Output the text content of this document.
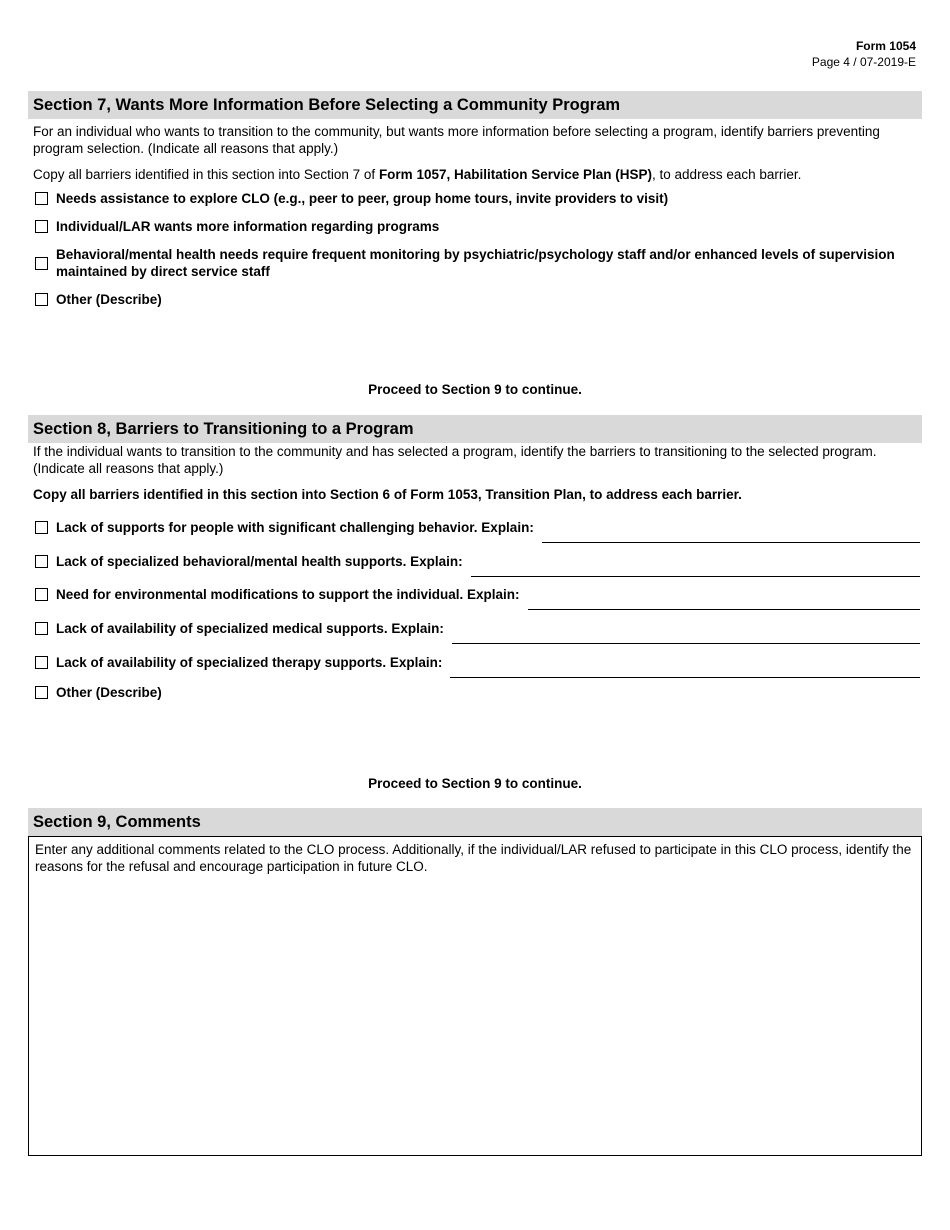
Form 1054
Page 4 / 07-2019-E
Section 7, Wants More Information Before Selecting a Community Program
For an individual who wants to transition to the community, but wants more information before selecting a program, identify barriers preventing program selection. (Indicate all reasons that apply.)
Copy all barriers identified in this section into Section 7 of Form 1057, Habilitation Service Plan (HSP), to address each barrier.
Needs assistance to explore CLO (e.g., peer to peer, group home tours, invite providers to visit)
Individual/LAR wants more information regarding programs
Behavioral/mental health needs require frequent monitoring by psychiatric/psychology staff and/or enhanced levels of supervision maintained by direct service staff
Other (Describe)
Proceed to Section 9 to continue.
Section 8, Barriers to Transitioning to a Program
If the individual wants to transition to the community and has selected a program, identify the barriers to transitioning to the selected program. (Indicate all reasons that apply.)
Copy all barriers identified in this section into Section 6 of Form 1053, Transition Plan, to address each barrier.
Lack of supports for people with significant challenging behavior. Explain:
Lack of specialized behavioral/mental health supports. Explain:
Need for environmental modifications to support the individual. Explain:
Lack of availability of specialized medical supports. Explain:
Lack of availability of specialized therapy supports. Explain:
Other (Describe)
Proceed to Section 9 to continue.
Section 9, Comments
Enter any additional comments related to the CLO process. Additionally, if the individual/LAR refused to participate in this CLO process, identify the reasons for the refusal and encourage participation in future CLO.
